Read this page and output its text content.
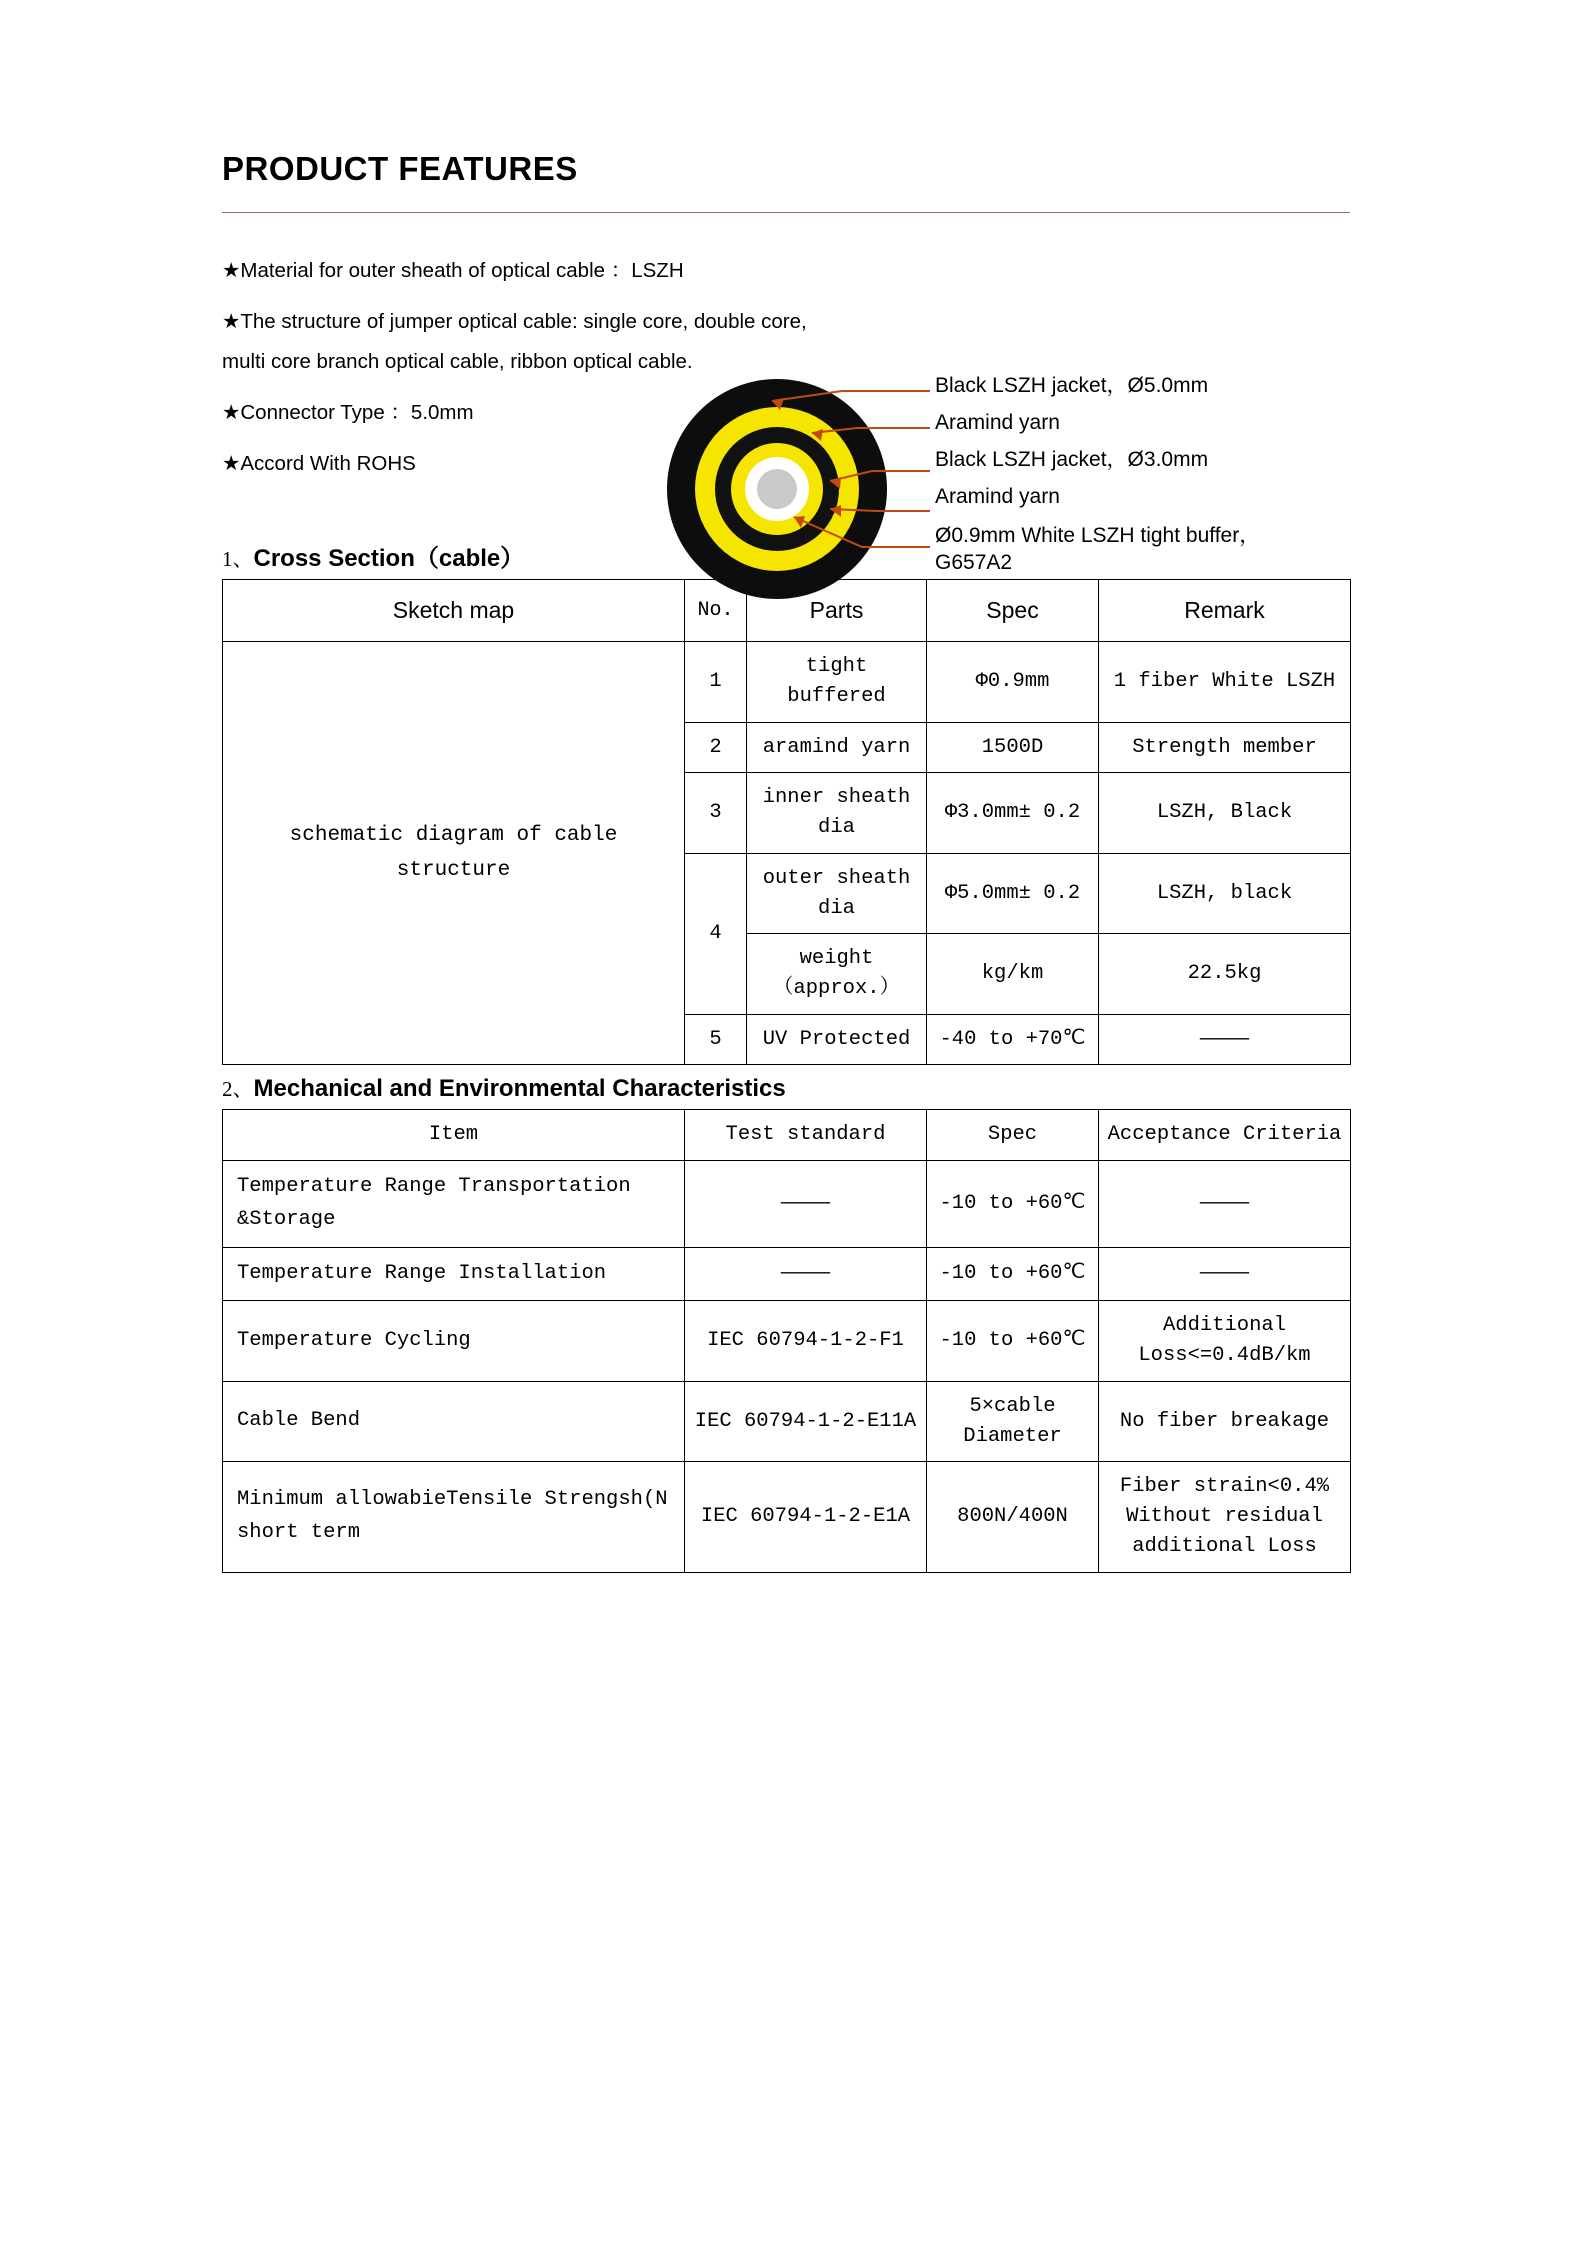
PRODUCT FEATURES

★Material for outer sheath of optical cable ：LSZH

★The structure of jumper optical cable: single core, double core, multi core branch optical cable, ribbon optical cable.

★Connector Type ：5.0mm

★Accord With ROHS

Black LSZH jacket，Ø5.0mm
Aramind yarn
Black LSZH jacket，Ø3.0mm
Aramind yarn
Ø0.9mm White LSZH tight buffer，G657A2
1、Cross Section（cable）
Sketch map	No.	Parts	Spec	Remark
schematic diagram of cable structure	1	tight buffered	Φ0.9mm	1 fiber White LSZH
	2	aramind yarn	1500D	Strength member
	3	inner sheath dia	Φ3.0mm± 0.2	LSZH, Black
	4	outer sheath dia	Φ5.0mm± 0.2	LSZH, black
		weight （approx.）	kg/km	22.5kg
	5	UV Protected	-40 to +70℃	————
2、Mechanical and Environmental Characteristics
Item	Test standard	Spec	Acceptance Criteria
Temperature Range Transportation &Storage	————	-10 to +60℃	————
Temperature Range Installation	————	-10 to +60℃	————
Temperature Cycling	IEC 60794-1-2-F1	-10 to +60℃	Additional Loss<=0.4dB/km
Cable Bend	IEC 60794-1-2-E11A	5×cable Diameter	No fiber breakage
Minimum allowabieTensile Strengsh(N short term	IEC 60794-1-2-E1A	800N/400N	Fiber strain<0.4% Without residual additional Loss
